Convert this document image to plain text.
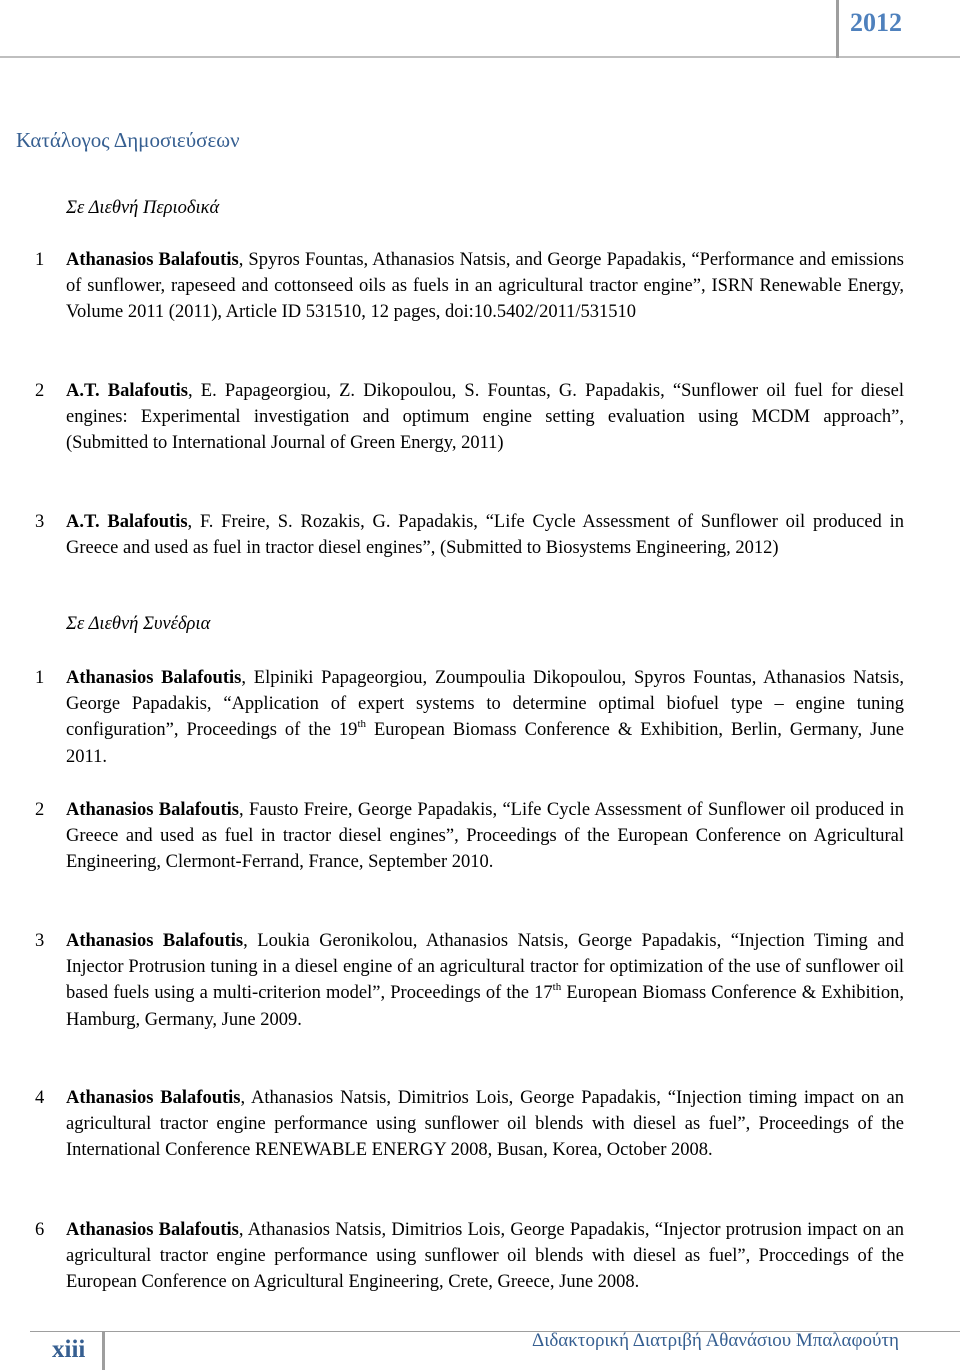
2012
Κατάλογος Δημοσιεύσεων
Σε Διεθνή Περιοδικά
1 Athanasios Balafoutis, Spyros Fountas, Athanasios Natsis, and George Papadakis, “Performance and emissions of sunflower, rapeseed and cottonseed oils as fuels in an agricultural tractor engine”, ISRN Renewable Energy, Volume 2011 (2011), Article ID 531510, 12 pages, doi:10.5402/2011/531510
2 A.T. Balafoutis, E. Papageorgiou, Z. Dikopoulou, S. Fountas, G. Papadakis, “Sunflower oil fuel for diesel engines: Experimental investigation and optimum engine setting evaluation using MCDM approach”, (Submitted to International Journal of Green Energy, 2011)
3 A.T. Balafoutis, F. Freire, S. Rozakis, G. Papadakis, “Life Cycle Assessment of Sunflower oil produced in Greece and used as fuel in tractor diesel engines”, (Submitted to Biosystems Engineering, 2012)
Σε Διεθνή Συνέδρια
1 Athanasios Balafoutis, Elpiniki Papageorgiou, Zoumpoulia Dikopoulou, Spyros Fountas, Athanasios Natsis, George Papadakis, “Application of expert systems to determine optimal biofuel type – engine tuning configuration”, Proceedings of the 19th European Biomass Conference & Exhibition, Berlin, Germany, June 2011.
2 Athanasios Balafoutis, Fausto Freire, George Papadakis, “Life Cycle Assessment of Sunflower oil produced in Greece and used as fuel in tractor diesel engines”, Proceedings of the European Conference on Agricultural Engineering, Clermont-Ferrand, France, September 2010.
3 Athanasios Balafoutis, Loukia Geronikolou, Athanasios Natsis, George Papadakis, “Injection Timing and Injector Protrusion tuning in a diesel engine of an agricultural tractor for optimization of the use of sunflower oil based fuels using a multi-criterion model”, Proceedings of the 17th European Biomass Conference & Exhibition, Hamburg, Germany, June 2009.
4 Athanasios Balafoutis, Athanasios Natsis, Dimitrios Lois, George Papadakis, “Injection timing impact on an agricultural tractor engine performance using sunflower oil blends with diesel as fuel”, Proceedings of the International Conference RENEWABLE ENERGY 2008, Busan, Korea, October 2008.
6 Athanasios Balafoutis, Athanasios Natsis, Dimitrios Lois, George Papadakis, “Injector protrusion impact on an agricultural tractor engine performance using sunflower oil blends with diesel as fuel”, Proccedings of the European Conference on Agricultural Engineering, Crete, Greece, June 2008.
xiii	Διδακτορική Διατριβή Αθανάσιου Μπαλαφούτη
